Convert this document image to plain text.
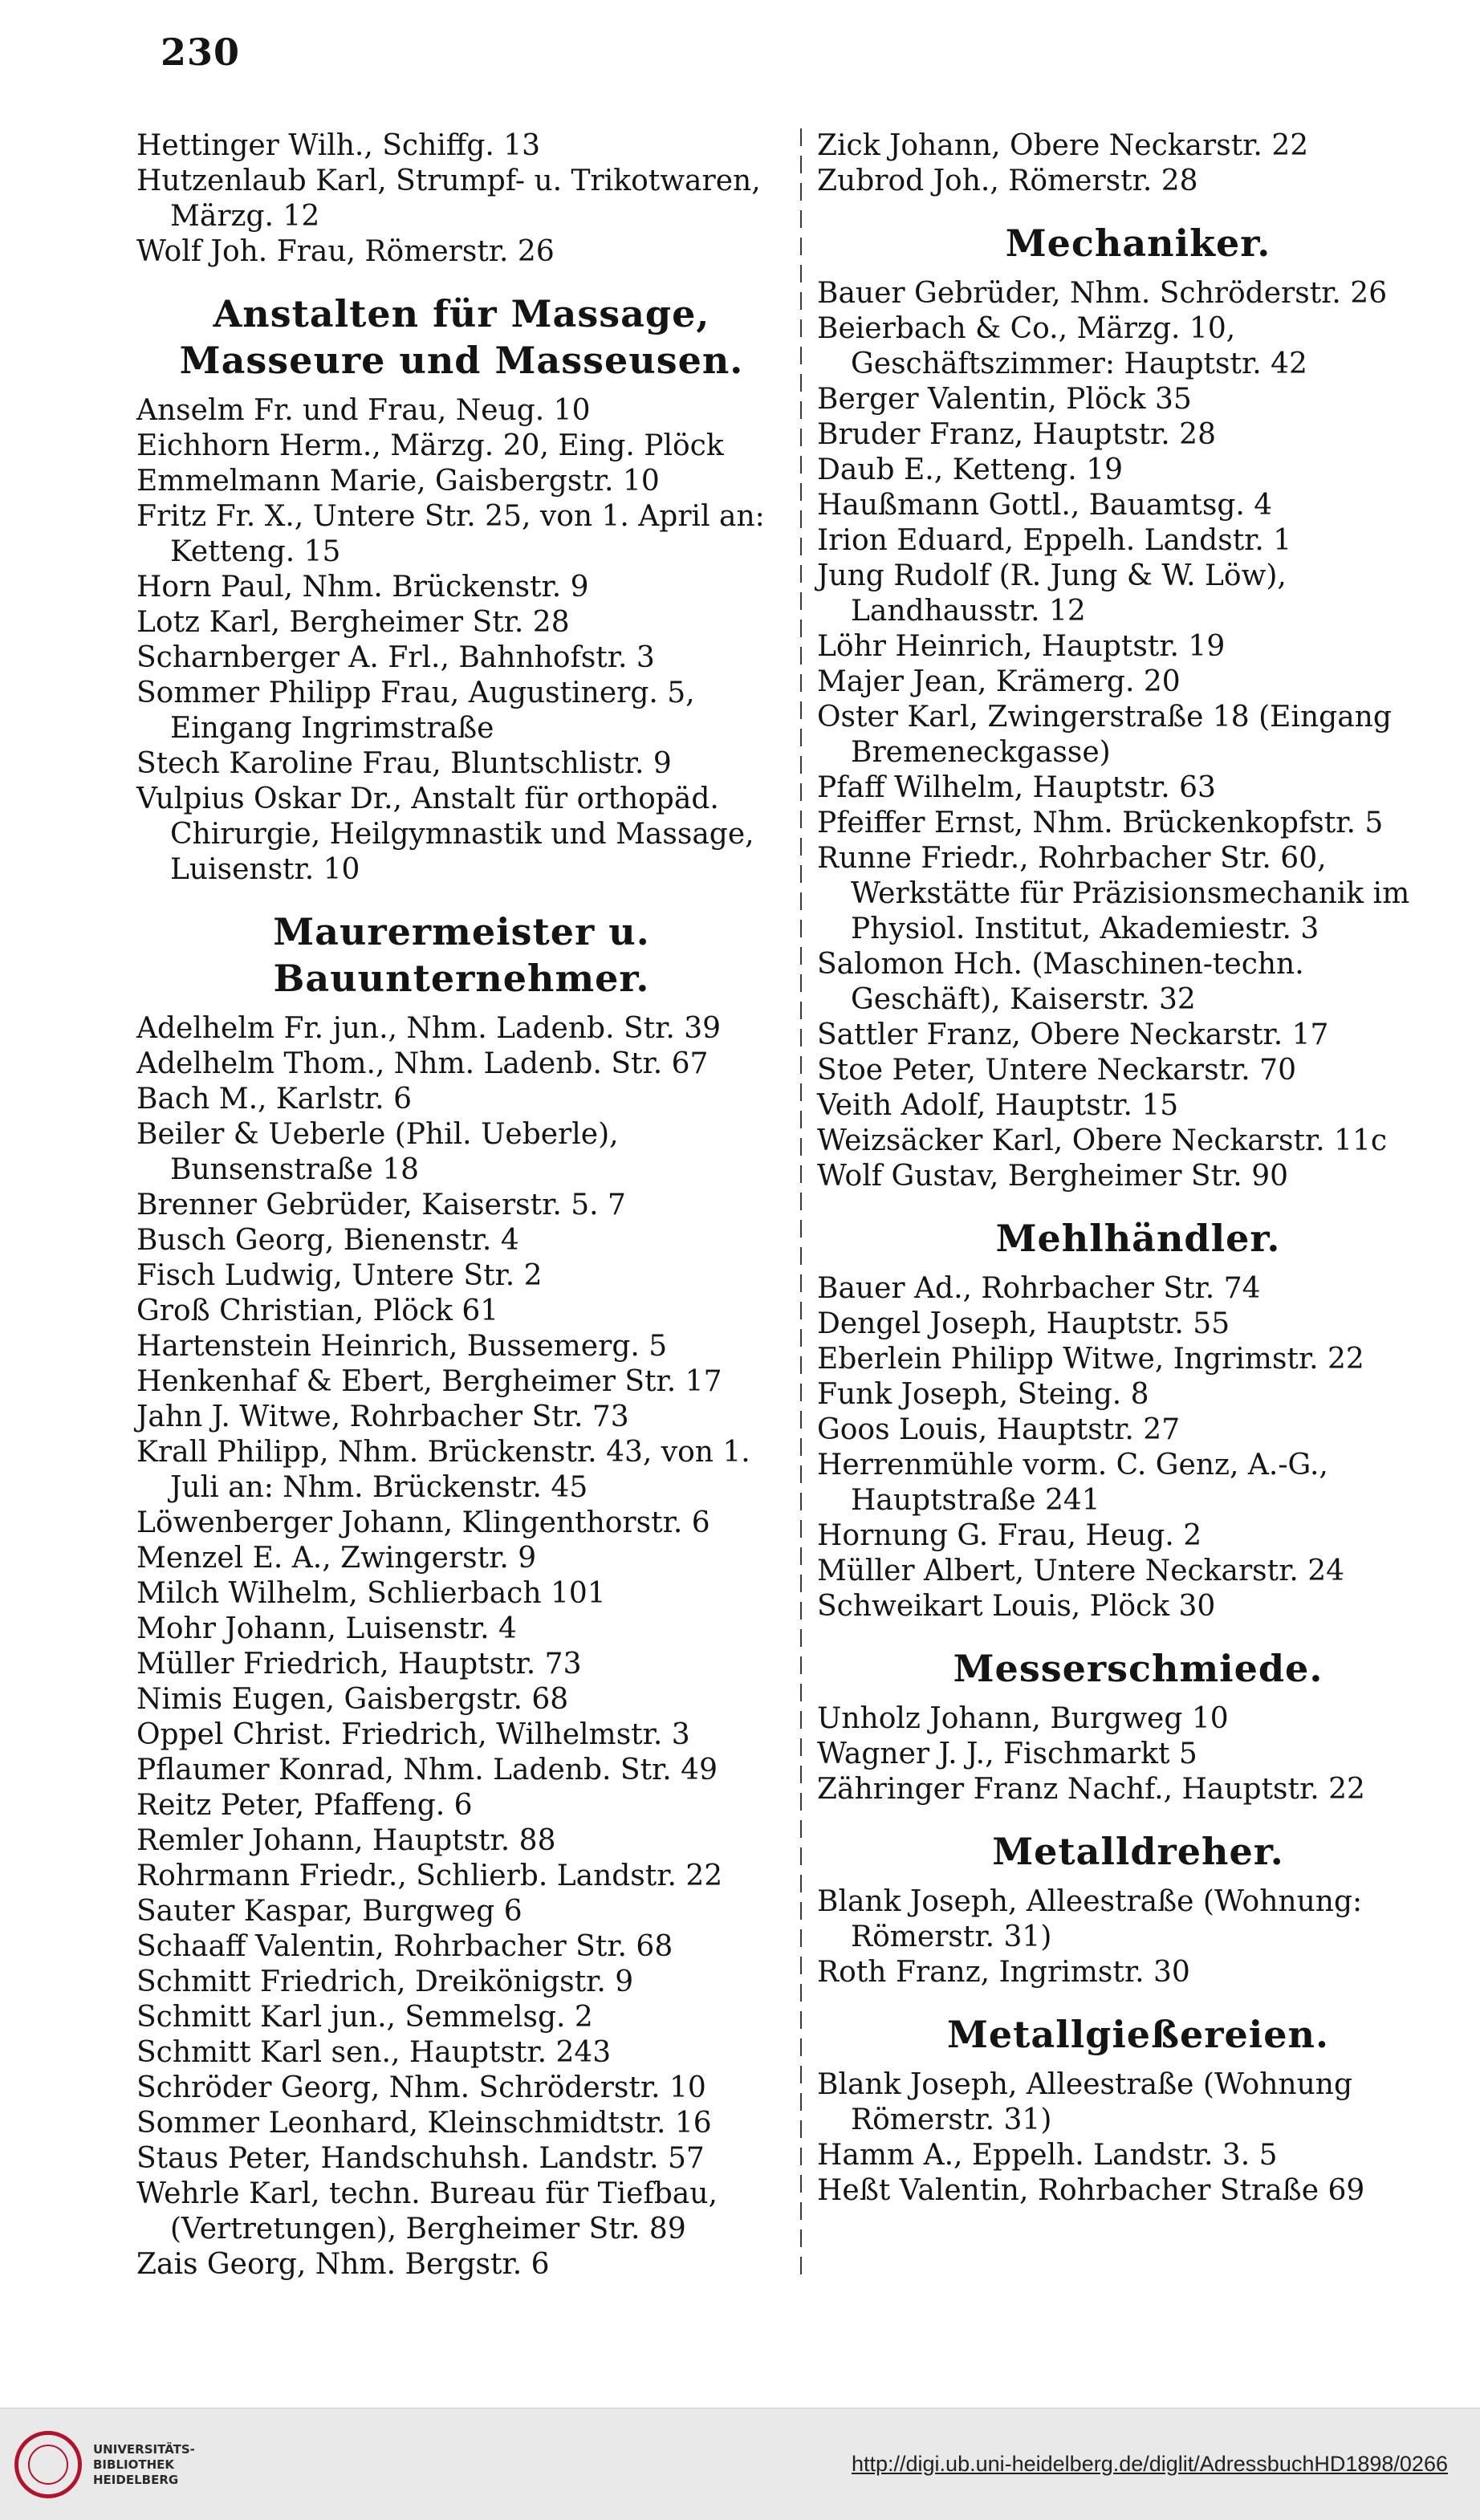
230

Hettinger Wilh., Schiffg. 13

Hutzenlaub Karl, Strumpf- u. Trikotwaren, Märzg. 12

Wolf Joh. Frau, Römerstr. 26

Anstalten für Massage, Masseure und Masseusen.

Anselm Fr. und Frau, Neug. 10

Eichhorn Herm., Märzg. 20, Eing. Plöck

Emmelmann Marie, Gaisbergstr. 10

Fritz Fr. X., Untere Str. 25, von 1. April an: Ketteng. 15

Horn Paul, Nhm. Brückenstr. 9

Lotz Karl, Bergheimer Str. 28

Scharnberger A. Frl., Bahnhofstr. 3

Sommer Philipp Frau, Augustinerg. 5, Eingang Ingrimstraße

Stech Karoline Frau, Bluntschlistr. 9

Vulpius Oskar Dr., Anstalt für orthopäd. Chirurgie, Heilgymnastik und Massage, Luisenstr. 10

Maurermeister u. Bauunternehmer.

Adelhelm Fr. jun., Nhm. Ladenb. Str. 39

Adelhelm Thom., Nhm. Ladenb. Str. 67

Bach M., Karlstr. 6

Beiler & Ueberle (Phil. Ueberle), Bunsenstraße 18

Brenner Gebrüder, Kaiserstr. 5. 7

Busch Georg, Bienenstr. 4

Fisch Ludwig, Untere Str. 2

Groß Christian, Plöck 61

Hartenstein Heinrich, Bussemerg. 5

Henkenhaf & Ebert, Bergheimer Str. 17

Jahn J. Witwe, Rohrbacher Str. 73

Krall Philipp, Nhm. Brückenstr. 43, von 1. Juli an: Nhm. Brückenstr. 45

Löwenberger Johann, Klingenthorstr. 6

Menzel E. A., Zwingerstr. 9

Milch Wilhelm, Schlierbach 101

Mohr Johann, Luisenstr. 4

Müller Friedrich, Hauptstr. 73

Nimis Eugen, Gaisbergstr. 68

Oppel Christ. Friedrich, Wilhelmstr. 3

Pflaumer Konrad, Nhm. Ladenb. Str. 49

Reitz Peter, Pfaffeng. 6

Remler Johann, Hauptstr. 88

Rohrmann Friedr., Schlierb. Landstr. 22

Sauter Kaspar, Burgweg 6

Schaaff Valentin, Rohrbacher Str. 68

Schmitt Friedrich, Dreikönigstr. 9

Schmitt Karl jun., Semmelsg. 2

Schmitt Karl sen., Hauptstr. 243

Schröder Georg, Nhm. Schröderstr. 10

Sommer Leonhard, Kleinschmidtstr. 16

Staus Peter, Handschuhsh. Landstr. 57

Wehrle Karl, techn. Bureau für Tiefbau, (Vertretungen), Bergheimer Str. 89

Zais Georg, Nhm. Bergstr. 6

Zick Johann, Obere Neckarstr. 22

Zubrod Joh., Römerstr. 28

Mechaniker.

Bauer Gebrüder, Nhm. Schröderstr. 26

Beierbach & Co., Märzg. 10, Geschäftszimmer: Hauptstr. 42

Berger Valentin, Plöck 35

Bruder Franz, Hauptstr. 28

Daub E., Ketteng. 19

Haußmann Gottl., Bauamtsg. 4

Irion Eduard, Eppelh. Landstr. 1

Jung Rudolf (R. Jung & W. Löw), Landhausstr. 12

Löhr Heinrich, Hauptstr. 19

Majer Jean, Krämerg. 20

Oster Karl, Zwingerstraße 18 (Eingang Bremeneckgasse)

Pfaff Wilhelm, Hauptstr. 63

Pfeiffer Ernst, Nhm. Brückenkopfstr. 5

Runne Friedr., Rohrbacher Str. 60, Werkstätte für Präzisionsmechanik im Physiol. Institut, Akademiestr. 3

Salomon Hch. (Maschinen-techn. Geschäft), Kaiserstr. 32

Sattler Franz, Obere Neckarstr. 17

Stoe Peter, Untere Neckarstr. 70

Veith Adolf, Hauptstr. 15

Weizsäcker Karl, Obere Neckarstr. 11c

Wolf Gustav, Bergheimer Str. 90

Mehlhändler.

Bauer Ad., Rohrbacher Str. 74

Dengel Joseph, Hauptstr. 55

Eberlein Philipp Witwe, Ingrimstr. 22

Funk Joseph, Steing. 8

Goos Louis, Hauptstr. 27

Herrenmühle vorm. C. Genz, A.-G., Hauptstraße 241

Hornung G. Frau, Heug. 2

Müller Albert, Untere Neckarstr. 24

Schweikart Louis, Plöck 30

Messerschmiede.

Unholz Johann, Burgweg 10

Wagner J. J., Fischmarkt 5

Zähringer Franz Nachf., Hauptstr. 22

Metalldreher.

Blank Joseph, Alleestraße (Wohnung: Römerstr. 31)

Roth Franz, Ingrimstr. 30

Metallgießereien.

Blank Joseph, Alleestraße (Wohnung Römerstr. 31)

Hamm A., Eppelh. Landstr. 3. 5

Heßt Valentin, Rohrbacher Straße 69

UNIVERSITÄTS-
BIBLIOTHEK
HEIDELBERG
http://digi.ub.uni-heidelberg.de/diglit/AdressbuchHD1898/0266
